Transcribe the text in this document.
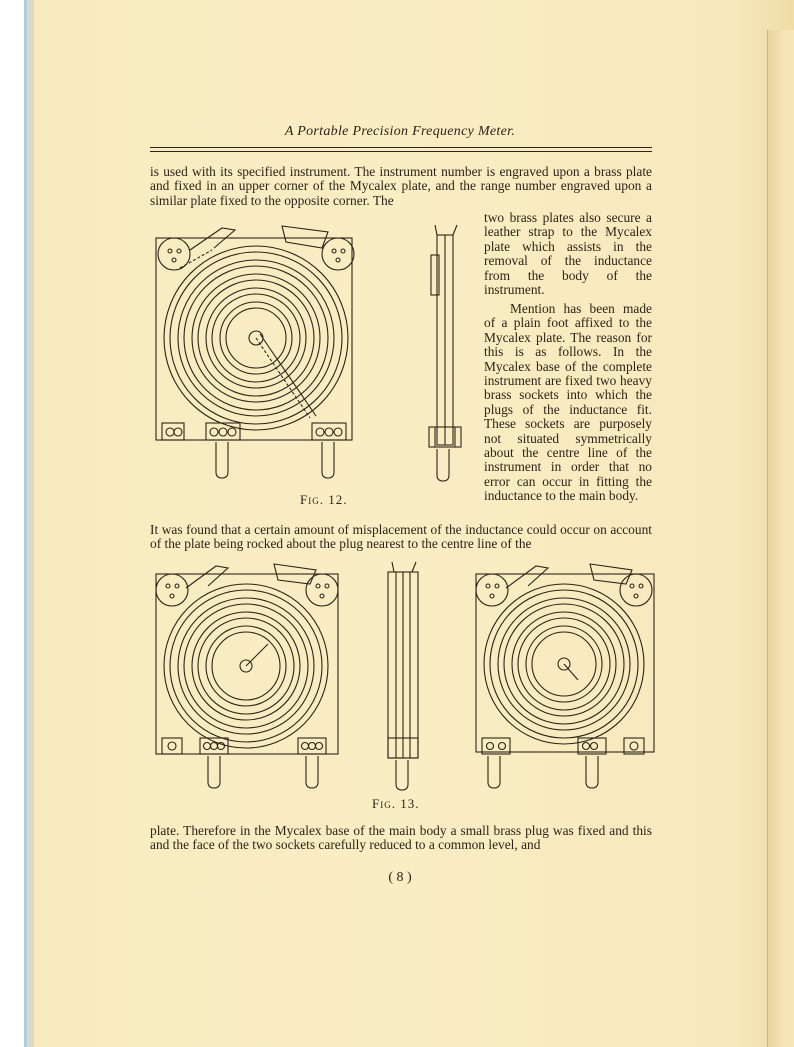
A Portable Precision Frequency Meter.

is used with its specified instrument. The instrument number is engraved upon a brass plate and fixed in an upper corner of the Mycalex plate, and the range number engraved upon a similar plate fixed to the opposite corner. The

two brass plates also secure a leather strap to the Mycalex plate which assists in the removal of the inductance from the body of the instrument.

Mention has been made of a plain foot affixed to the Mycalex plate. The reason for this is as follows. In the Mycalex base of the complete instrument are fixed two heavy brass sockets into which the plugs of the inductance fit. These sockets are purposely not situated symmetrically about the centre line of the instrument in order that no error can occur in fitting the inductance to the main body.

It was found that a certain amount of misplacement of the inductance could occur on account of the plate being rocked about the plug nearest to the centre line of the

Fig. 12.
Fig. 13.

plate. Therefore in the Mycalex base of the main body a small brass plug was fixed and this and the face of the two sockets carefully reduced to a common level, and

( 8 )
